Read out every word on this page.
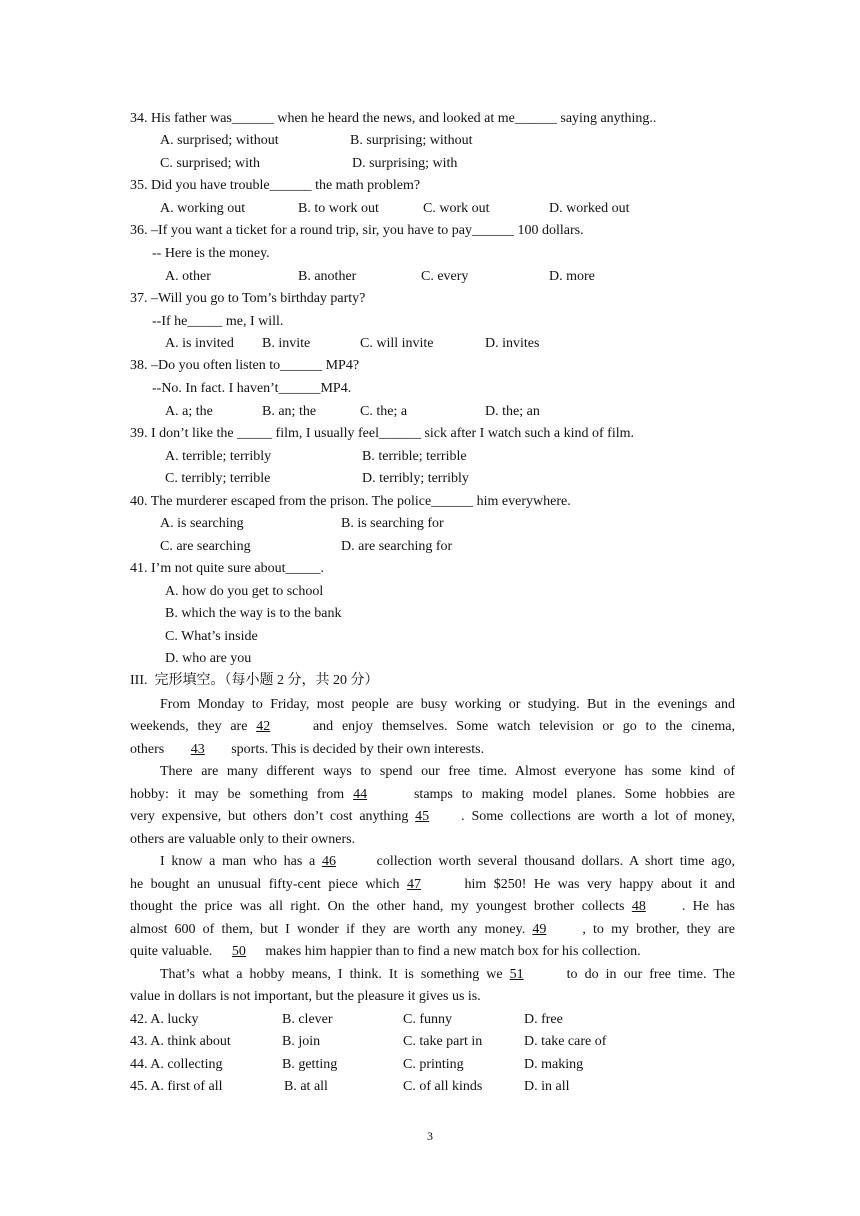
34. His father was______ when he heard the news, and looked at me______ saying anything..
A. surprised; without	B. surprising; without
C. surprised; with	D. surprising; with
35. Did you have trouble______ the math problem?
A. working out	B. to work out	C. work out	D. worked out
36. –If you want a ticket for a round trip, sir, you have to pay______ 100 dollars.
-- Here is the money.
A. other	B. another	C. every	D. more
37. –Will you go to Tom’s birthday party?
--If he_____ me, I will.
A. is invited B. invite	C. will invite	D. invites
38. –Do you often listen to______ MP4?
--No. In fact. I haven’t______MP4.
A. a; the	B. an; the	C. the; a	D. the; an
39. I don’t like the _____ film, I usually feel______ sick after I watch such a kind of film.
A. terrible; terribly	B. terrible; terrible
C. terribly; terrible	D. terribly; terribly
40. The murderer escaped from the prison. The police______ him everywhere.
A. is searching	B. is searching for
C. are searching	D. are searching for
41. I’m not quite sure about_____.
A. how do you get to school
B. which the way is to the bank
C. What’s inside
D. who are you
III.  完形填空。（每小题 2 分，共 20 分）
From Monday to Friday, most people are busy working or studying. But in the evenings and
weekends, they are 42 and enjoy themselves. Some watch television or go to the cinema,
others 43 sports. This is decided by their own interests.
There are many different ways to spend our free time. Almost everyone has some kind of
hobby: it may be something from 44	stamps to making model planes. Some hobbies are
very expensive, but others don’t cost anything 45 . Some collections are worth a lot of money,
others are valuable only to their owners.
I know a man who has a 46 collection worth several thousand dollars. A short time ago,
he bought an unusual fifty-cent piece which 47	him $250! He was very happy about it and
thought the price was all right. On the other hand, my youngest brother collects 48	. He has
almost 600 of them, but I wonder if they are worth any money. 49	, to my brother, they are
quite valuable. 50 makes him happier than to find a new match box for his collection.
That’s what a hobby means, I think. It is something we 51	to do in our free time. The
value in dollars is not important, but the pleasure it gives us is.
42. A. lucky	B. clever	C. funny	D. free
43. A. think about	B. join	C. take part in	D. take care of
44. A. collecting	B. getting	C. printing	D. making
45. A. first of all	B. at all	C. of all kinds	D. in all
3
